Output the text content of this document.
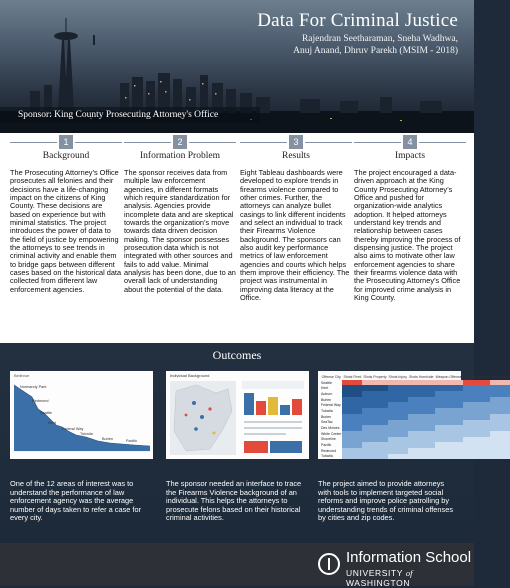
Data For Criminal Justice
Rajendran Seetharaman, Sneha Wadhwa,
Anuj Anand, Dhruv Parekh (MSIM - 2018)
Sponsor: King County Prosecuting Attorney's Office
1
Background
The Prosecuting Attorney’s Office prosecutes all felonies and their decisions have a life-changing impact on the citizens of King County. These decisions are based on experience but with minimal statistics. The project introduces the power of data to the field of justice by empowering the attorneys to see trends in criminal activity and enable them to bridge gaps between different cases based on the historical data collected from different law enforcement agencies.
2
Information Problem
The sponsor receives data from multiple law enforcement agencies, in different formats which require standardization for analysis. Agencies provide incomplete data and are skeptical towards the organization’s move towards data driven decision making. The sponsor possesses prosecution data which is not integrated with other sources and fails to add value. Minimal analysis has been done, due to an overall lack of understanding about the potential of the data.
3
Results
Eight Tableau dashboards were developed to explore trends in firearms violence compared to other crimes. Further, the attorneys can analyze bullet casings to link different incidents and select an individual to track their Firearms Violence background. The sponsors can also audit key performance metrics of law enforcement agencies and courts which helps them improve their efficiency. The project was instrumental in improving data literacy at the Office.
4
Impacts
The project encouraged a data-driven approach at the King County Prosecuting Attorney’s Office and pushed for organization-wide analytics adoption. It helped attorneys understand key trends and relationship between cases thereby improving the process of dispensing justice. The project also aims to motivate other law enforcement agencies to share their firearms violence data with the Prosecuting Attorney’s Office for improved crime analysis in King County.
Outcomes
Bellevue
Normandy Park
Redmond
Seattle
Kent
Federal Way
Tukwila
Burien	Pacific
Individual Background	Offense City	Shots Fired	Shots Property	Shots Injury	Shots Homicide	Weapon Offense	Found Cartridge	Total Count
Seattle							
Kent							
Auburn							
Burien							
Federal Way							
Tukwila							
Burien							
SeaTac							
Des Moines							
White Center							
Shoreline							
Pacific							
Redmond							
Tukwila							
One of the 12 areas of interest was to understand the performance of law enforcement agency was the average number of days taken to refer a case for every city.
The sponsor needed an interface to trace the Firearms Violence background of an individual. This helps the attorneys to prosecute felons based on their historical criminal activities.
The project aimed to provide attorneys with tools to implement targeted social reforms and improve police patrolling by understanding trends of criminal offenses by cities and zip codes.
Information School
UNIVERSITY of WASHINGTON
